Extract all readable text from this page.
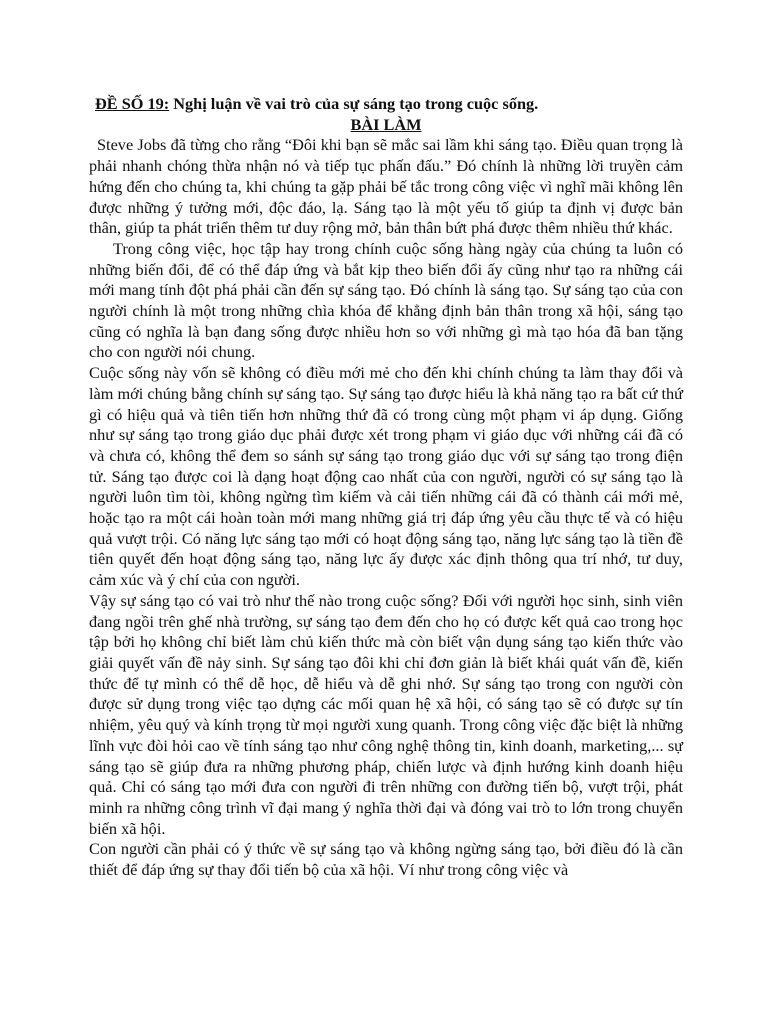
ĐỀ SỐ 19: Nghị luận về vai trò của sự sáng tạo trong cuộc sống.

BÀI LÀM

Steve Jobs đã từng cho rằng “Đôi khi bạn sẽ mắc sai lầm khi sáng tạo. Điều quan trọng là phải nhanh chóng thừa nhận nó và tiếp tục phấn đấu.” Đó chính là những lời truyền cảm hứng đến cho chúng ta, khi chúng ta gặp phải bế tắc trong công việc vì nghĩ mãi không lên được những ý tưởng mới, độc đáo, lạ. Sáng tạo là một yếu tố giúp ta định vị được bản thân, giúp ta phát triển thêm tư duy rộng mở, bản thân bứt phá được thêm nhiều thứ khác.

Trong công việc, học tập hay trong chính cuộc sống hàng ngày của chúng ta luôn có những biến đổi, để có thể đáp ứng và bắt kịp theo biến đổi ấy cũng như tạo ra những cái mới mang tính đột phá phải cần đến sự sáng tạo. Đó chính là sáng tạo. Sự sáng tạo của con người chính là một trong những chìa khóa để khẳng định bản thân trong xã hội, sáng tạo cũng có nghĩa là bạn đang sống được nhiều hơn so với những gì mà tạo hóa đã ban tặng cho con người nói chung.

Cuộc sống này vốn sẽ không có điều mới mẻ cho đến khi chính chúng ta làm thay đổi và làm mới chúng bằng chính sự sáng tạo. Sự sáng tạo được hiểu là khả năng tạo ra bất cứ thứ gì có hiệu quả và tiên tiến hơn những thứ đã có trong cùng một phạm vi áp dụng. Giống như sự sáng tạo trong giáo dục phải được xét trong phạm vi giáo dục với những cái đã có và chưa có, không thể đem so sánh sự sáng tạo trong giáo dục với sự sáng tạo trong điện tử. Sáng tạo được coi là dạng hoạt động cao nhất của con người, người có sự sáng tạo là người luôn tìm tòi, không ngừng tìm kiếm và cải tiến những cái đã có thành cái mới mẻ, hoặc tạo ra một cái hoàn toàn mới mang những giá trị đáp ứng yêu cầu thực tế và có hiệu quả vượt trội. Có năng lực sáng tạo mới có hoạt động sáng tạo, năng lực sáng tạo là tiền đề tiên quyết đến hoạt động sáng tạo, năng lực ấy được xác định thông qua trí nhớ, tư duy, cảm xúc và ý chí của con người.

Vậy sự sáng tạo có vai trò như thế nào trong cuộc sống? Đối với người học sinh, sinh viên đang ngồi trên ghế nhà trường, sự sáng tạo đem đến cho họ có được kết quả cao trong học tập bởi họ không chỉ biết làm chủ kiến thức mà còn biết vận dụng sáng tạo kiến thức vào giải quyết vấn đề nảy sinh. Sự sáng tạo đôi khi chỉ đơn giản là biết khái quát vấn đề, kiến thức để tự mình có thể dễ học, dễ hiểu và dễ ghi nhớ. Sự sáng tạo trong con người còn được sử dụng trong việc tạo dựng các mối quan hệ xã hội, có sáng tạo sẽ có được sự tín nhiệm, yêu quý và kính trọng từ mọi người xung quanh. Trong công việc đặc biệt là những lĩnh vực đòi hỏi cao về tính sáng tạo như công nghệ thông tin, kinh doanh, marketing,... sự sáng tạo sẽ giúp đưa ra những phương pháp, chiến lược và định hướng kinh doanh hiệu quả. Chỉ có sáng tạo mới đưa con người đi trên những con đường tiến bộ, vượt trội, phát minh ra những công trình vĩ đại mang ý nghĩa thời đại và đóng vai trò to lớn trong chuyển biến xã hội.

Con người cần phải có ý thức về sự sáng tạo và không ngừng sáng tạo, bởi điều đó là cần thiết để đáp ứng sự thay đổi tiến bộ của xã hội. Ví như trong công việc và
